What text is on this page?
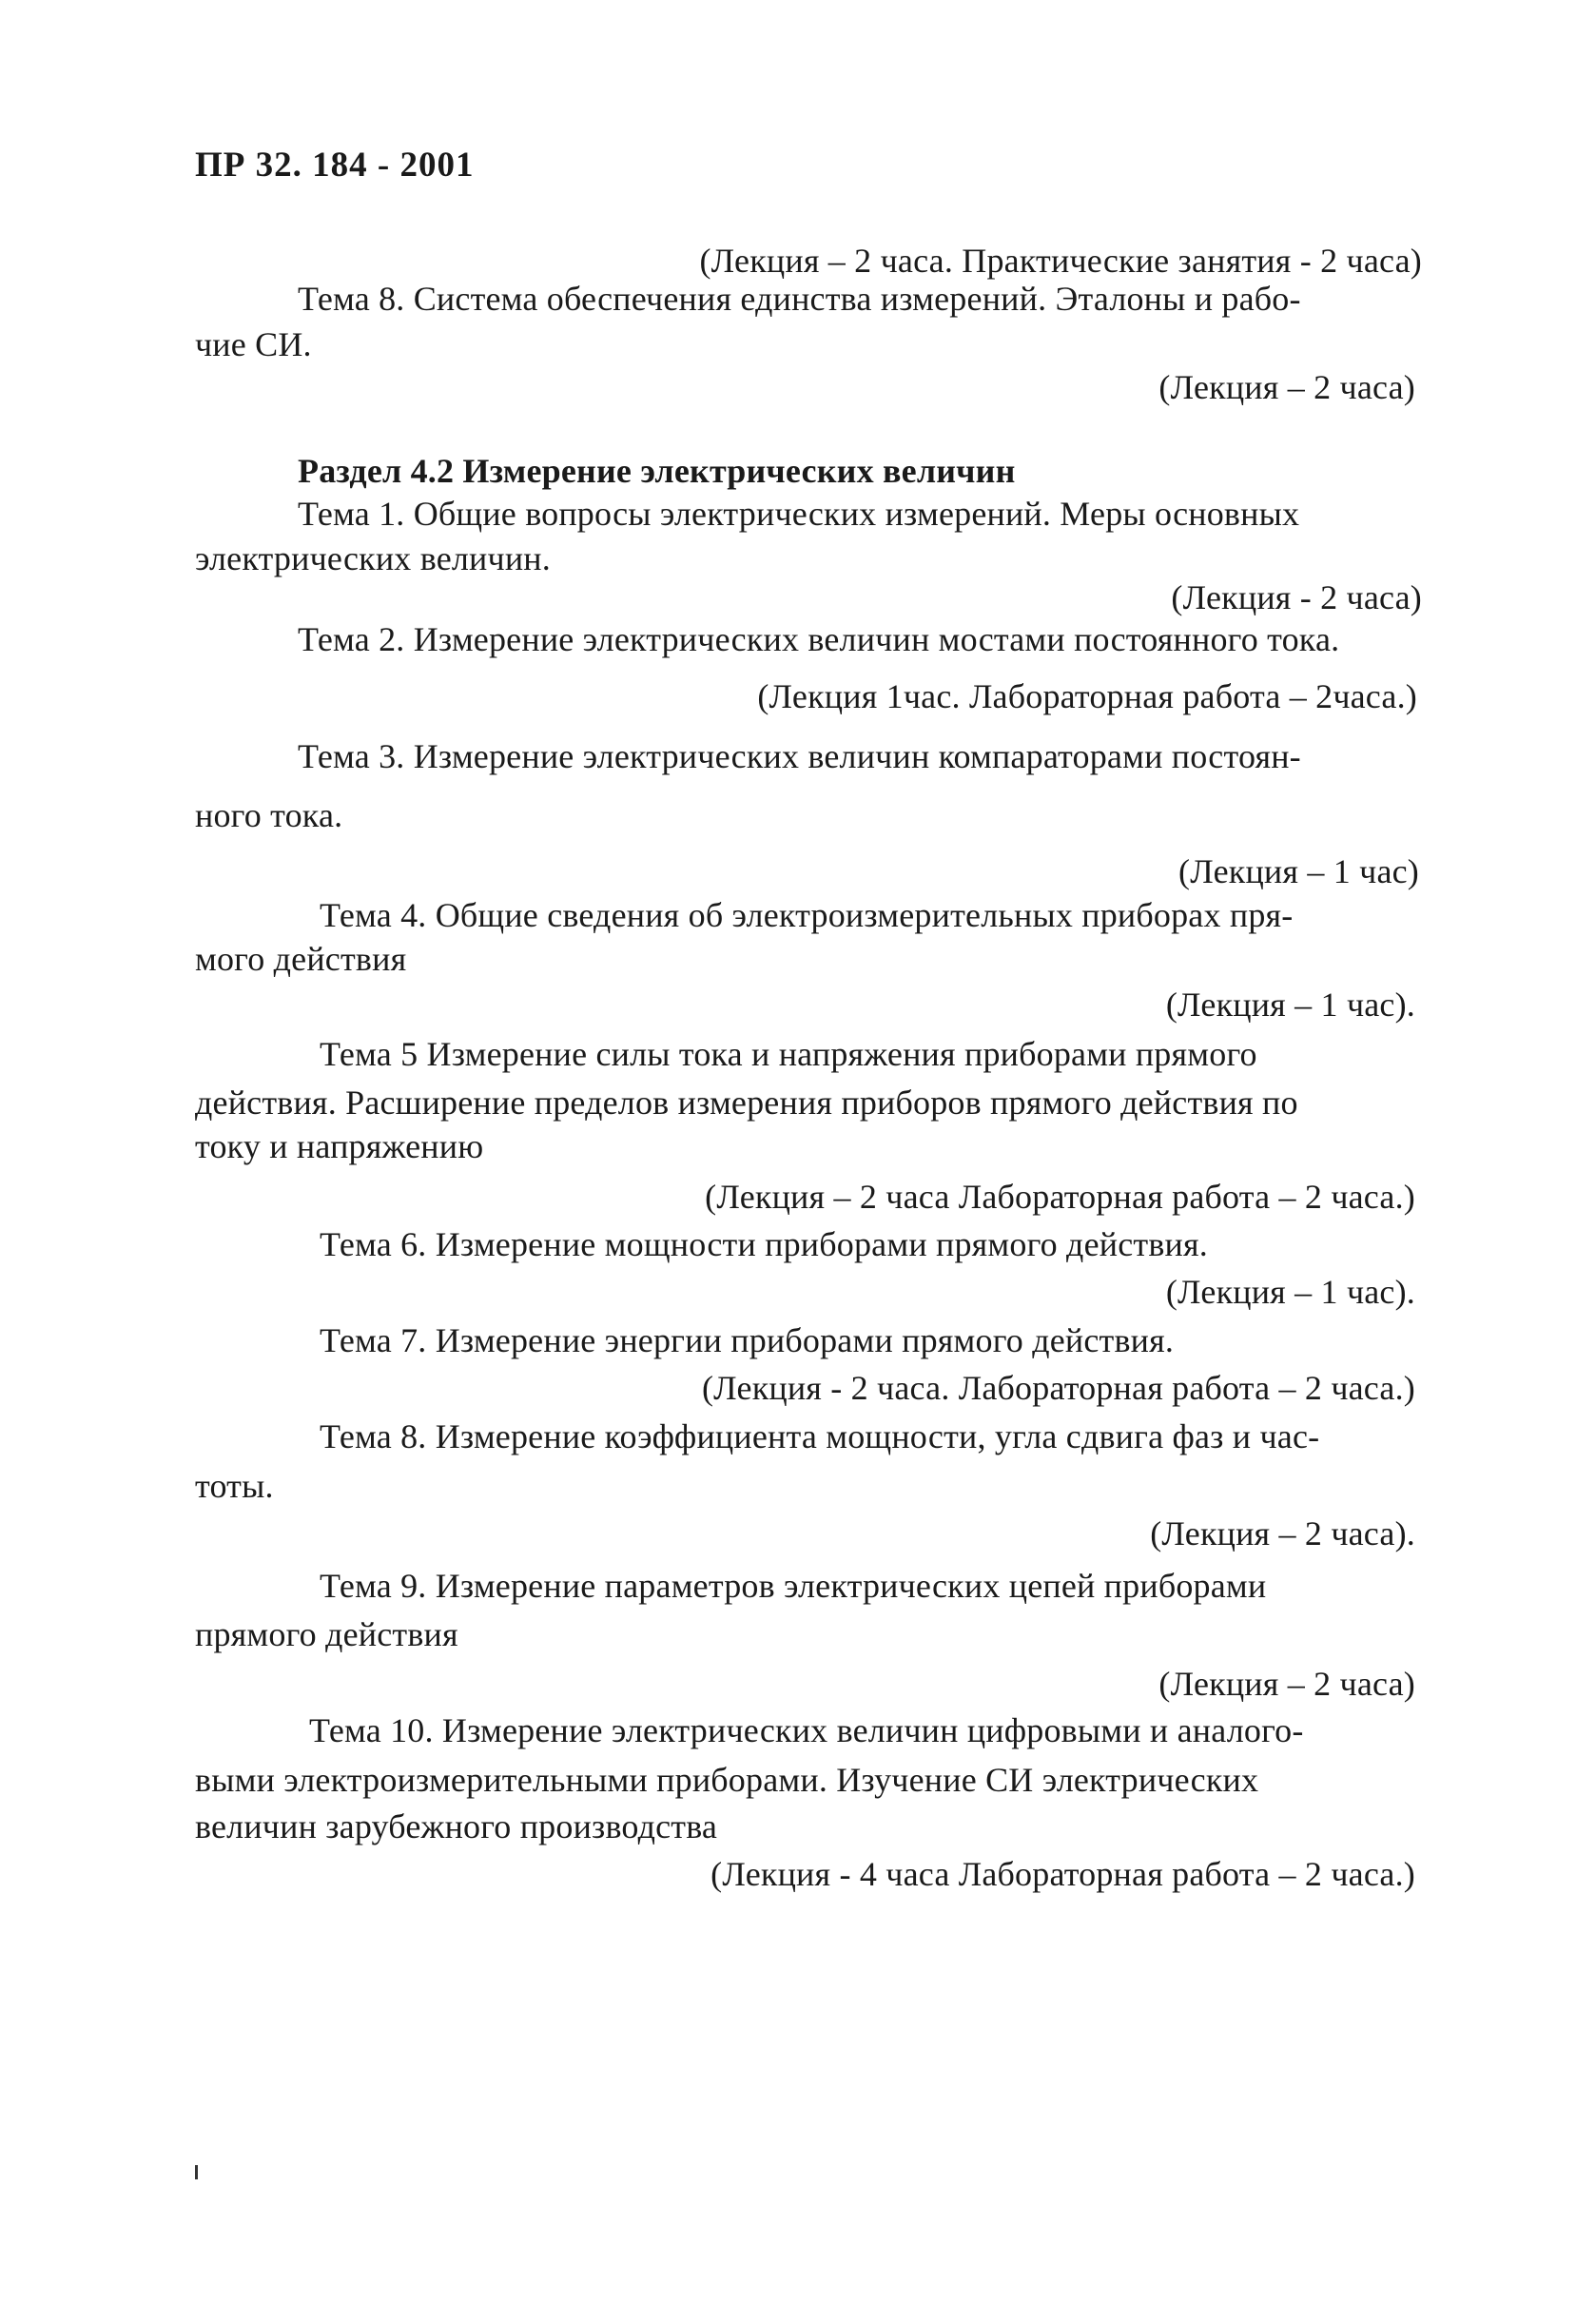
ПР 32. 184 - 2001
(Лекция – 2 часа. Практические занятия - 2 часа)
Тема 8. Система обеспечения единства измерений. Эталоны и рабо-
чие СИ.
(Лекция – 2 часа)
Раздел 4.2 Измерение электрических величин
Тема 1. Общие вопросы электрических измерений. Меры основных
электрических величин.
(Лекция - 2 часа)
Тема 2. Измерение электрических величин мостами постоянного тока.
(Лекция 1час. Лабораторная работа – 2часа.)
Тема 3. Измерение электрических величин компараторами постоян-
ного тока.
(Лекция – 1 час)
Тема 4. Общие сведения об электроизмерительных приборах пря-
мого действия
(Лекция – 1 час).
Тема 5 Измерение силы тока и напряжения приборами прямого
действия. Расширение пределов измерения приборов прямого действия по
току и напряжению
(Лекция – 2 часа Лабораторная работа – 2 часа.)
Тема 6. Измерение мощности приборами прямого действия.
(Лекция – 1 час).
Тема 7. Измерение энергии приборами прямого действия.
(Лекция - 2 часа. Лабораторная работа – 2 часа.)
Тема 8. Измерение коэффициента мощности, угла сдвига фаз и час-
тоты.
(Лекция – 2 часа).
Тема 9. Измерение параметров электрических цепей приборами
прямого действия
(Лекция – 2 часа)
Тема 10. Измерение электрических величин цифровыми и аналого-
выми электроизмерительными приборами. Изучение СИ электрических
величин зарубежного производства
(Лекция - 4 часа Лабораторная работа – 2 часа.)
